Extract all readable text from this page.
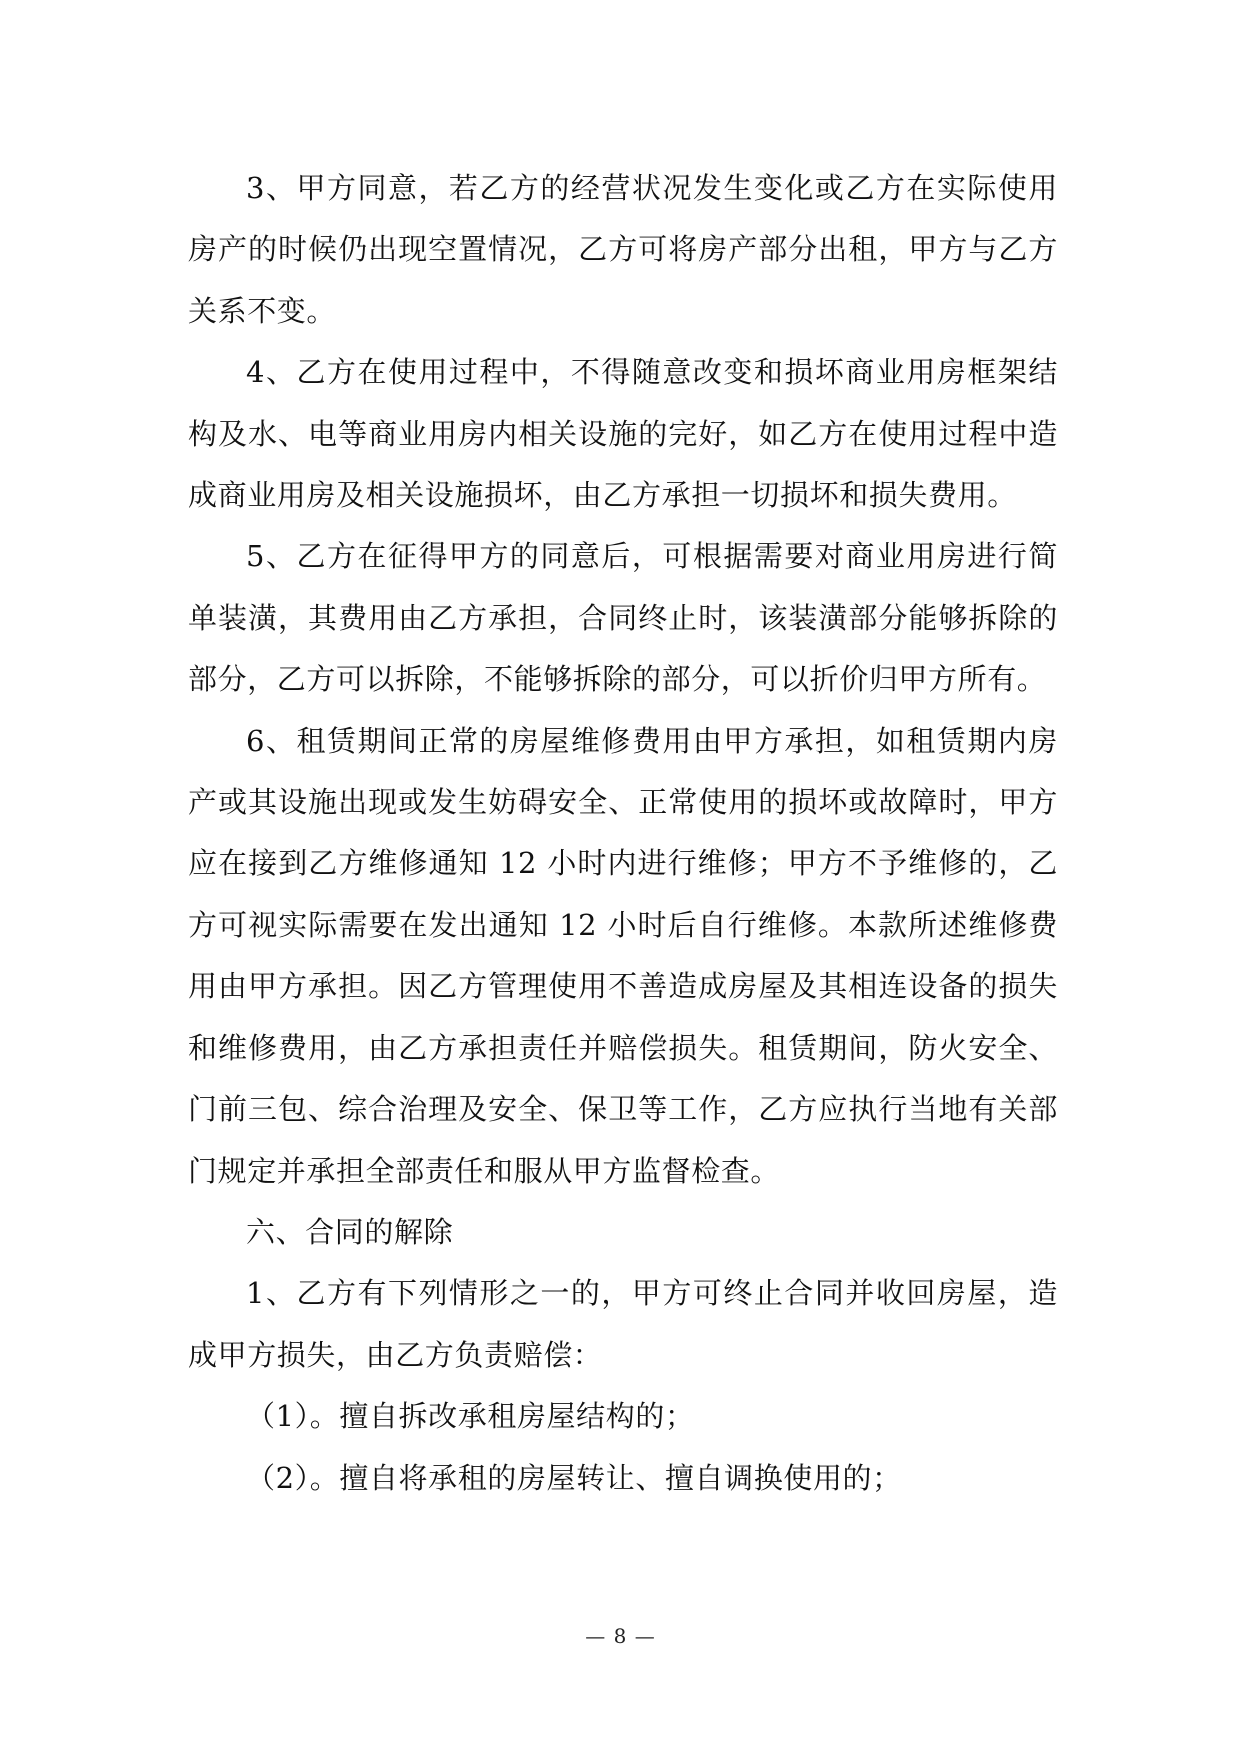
3、甲方同意，若乙方的经营状况发生变化或乙方在实际使用房产的时候仍出现空置情况，乙方可将房产部分出租，甲方与乙方关系不变。

4、乙方在使用过程中，不得随意改变和损坏商业用房框架结构及水、电等商业用房内相关设施的完好，如乙方在使用过程中造成商业用房及相关设施损坏，由乙方承担一切损坏和损失费用。

5、乙方在征得甲方的同意后，可根据需要对商业用房进行简单装潢，其费用由乙方承担，合同终止时，该装潢部分能够拆除的部分，乙方可以拆除，不能够拆除的部分，可以折价归甲方所有。

6、租赁期间正常的房屋维修费用由甲方承担，如租赁期内房产或其设施出现或发生妨碍安全、正常使用的损坏或故障时，甲方应在接到乙方维修通知 12 小时内进行维修；甲方不予维修的，乙方可视实际需要在发出通知 12 小时后自行维修。本款所述维修费用由甲方承担。因乙方管理使用不善造成房屋及其相连设备的损失和维修费用，由乙方承担责任并赔偿损失。租赁期间，防火安全、门前三包、综合治理及安全、保卫等工作，乙方应执行当地有关部门规定并承担全部责任和服从甲方监督检查。

六、合同的解除

1、乙方有下列情形之一的，甲方可终止合同并收回房屋，造成甲方损失，由乙方负责赔偿：

（1）。擅自拆改承租房屋结构的；

（2）。擅自将承租的房屋转让、擅自调换使用的；

— 8 —
